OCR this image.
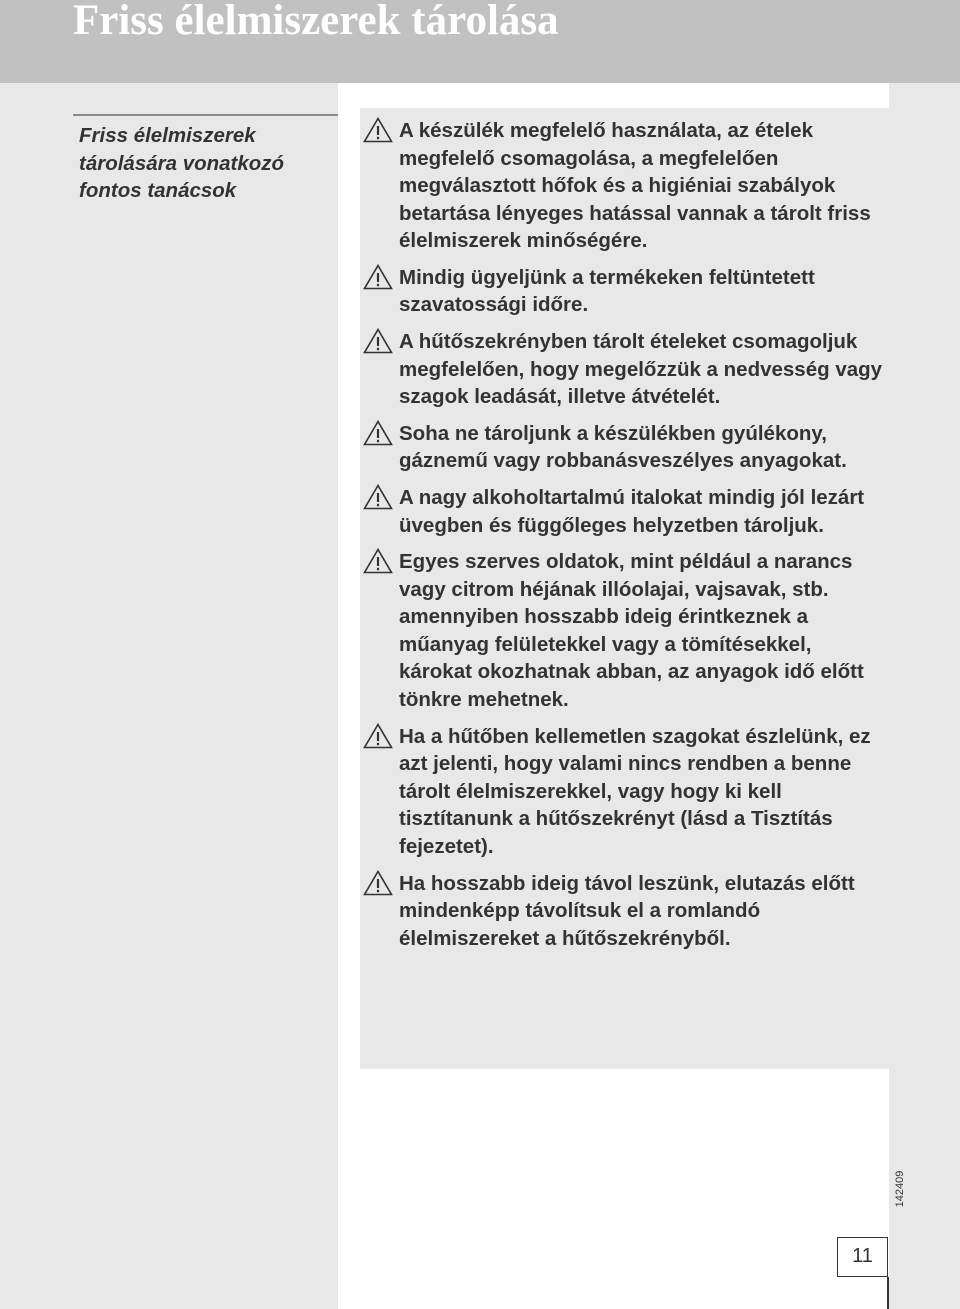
Friss élelmiszerek tárolása
Friss élelmiszerek tárolására vonatkozó fontos tanácsok
A készülék megfelelő használata, az ételek megfelelő csomagolása, a megfelelően megválasztott hőfok és a higiéniai szabályok betartása lényeges hatással vannak a tárolt friss élelmiszerek minőségére.
Mindig ügyeljünk a termékeken feltüntetett szavatossági időre.
A hűtőszekrényben tárolt ételeket csomagoljuk megfelelően, hogy megelőzzük a nedvesség vagy szagok leadását, illetve átvételét.
Soha ne tároljunk a készülékben gyúlékony, gáznemű vagy robbanásveszélyes anyagokat.
A nagy alkoholtartalmú italokat mindig jól lezárt üvegben és függőleges helyzetben tároljuk.
Egyes szerves oldatok, mint például a narancs vagy citrom héjának illóolajai, vajsavak, stb. amennyiben hosszabb ideig érintkeznek a műanyag felületekkel vagy a tömítésekkel, károkat okozhatnak abban, az anyagok idő előtt tönkre mehetnek.
Ha a hűtőben kellemetlen szagokat észlelünk, ez azt jelenti, hogy valami nincs rendben a benne tárolt élelmiszerekkel, vagy hogy ki kell tisztítanunk a hűtőszekrényt (lásd a Tisztítás fejezetet).
Ha hosszabb ideig távol leszünk, elutazás előtt mindenképp távolítsuk el a romlandó élelmiszereket a hűtőszekrényből.
142409
11
